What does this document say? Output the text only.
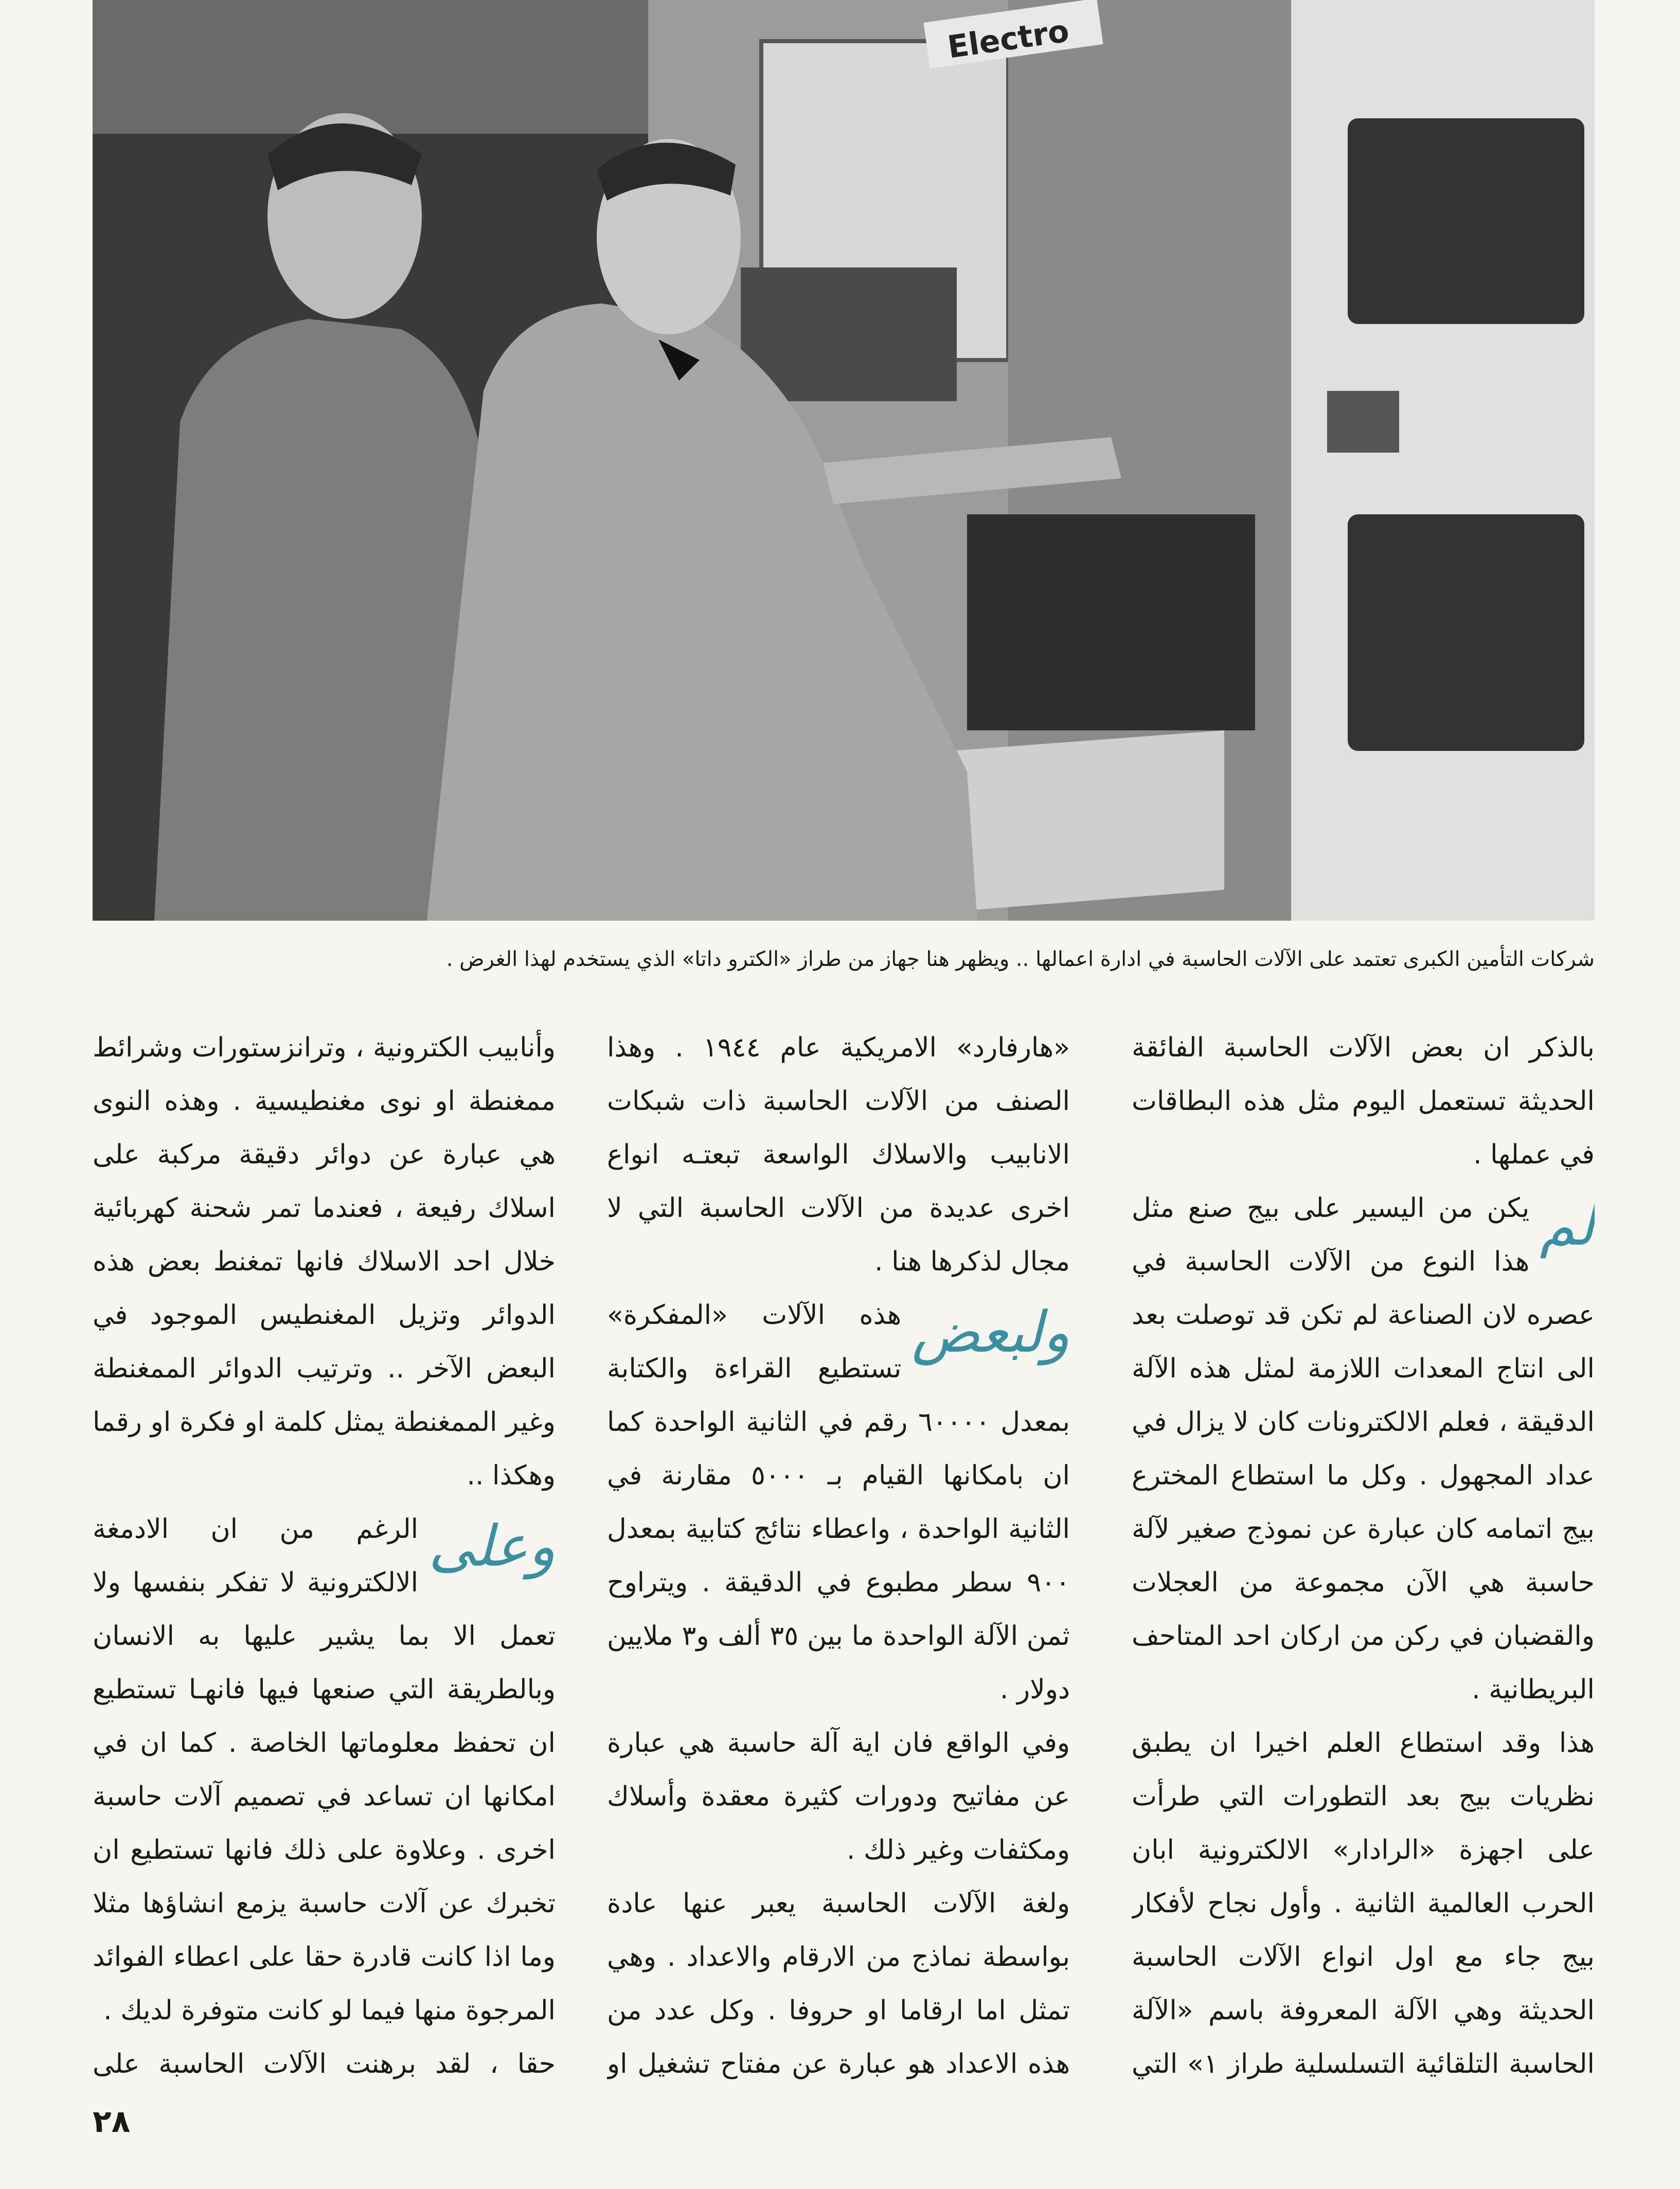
Electro
شركات التأمين الكبرى تعتمد على الآلات الحاسبة في ادارة اعمالها .. ويظهر هنا جهاز من طراز «الكترو داتا» الذي يستخدم لهذا الغرض .

بالذكر ان بعض الآلات الحاسبة الفائقة الحديثة تستعمل اليوم مثل هذه البطاقات في عملها .

لم
يكن من اليسير على بيج صنع مثل هذا النوع من الآلات الحاسبة في عصره لان الصناعة لم تكن قد توصلت بعد الى انتاج المعدات اللازمة لمثل هذه الآلة الدقيقة ، فعلم الالكترونات كان لا يزال في عداد المجهول . وكل ما استطاع المخترع بيج اتمامه كان عبارة عن نموذج صغير لآلة حاسبة هي الآن مجموعة من العجلات والقضبان في ركن من اركان احد المتاحف البريطانية .

هذا وقد استطاع العلم اخيرا ان يطبق نظريات بيج بعد التطورات التي طرأت على اجهزة «الرادار» الالكترونية ابان الحرب العالمية الثانية . وأول نجاح لأفكار بيج جاء مع اول انواع الآلات الحاسبة الحديثة وهي الآلة المعروفة باسم «الآلة الحاسبة التلقائية التسلسلية طراز ١» التي

«هارفارد» الامريكية عام ١٩٤٤ . وهذا الصنف من الآلات الحاسبة ذات شبكات الانابيب والاسلاك الواسعة تبعتـه انواع اخرى عديدة من الآلات الحاسبة التي لا مجال لذكرها هنا .

ولبعض
هذه الآلات «المفكرة» تستطيع القراءة والكتابة بمعدل ٦٠٠٠٠ رقم في الثانية الواحدة كما ان بامكانها القيام بـ ٥٠٠٠ مقارنة في الثانية الواحدة ، واعطاء نتائج كتابية بمعدل ٩٠٠ سطر مطبوع في الدقيقة . ويتراوح ثمن الآلة الواحدة ما بين ٣٥ ألف و٣ ملايين دولار .

وفي الواقع فان اية آلة حاسبة هي عبارة عن مفاتيح ودورات كثيرة معقدة وأسلاك ومكثفات وغير ذلك .

ولغة الآلات الحاسبة يعبر عنها عادة بواسطة نماذج من الارقام والاعداد . وهي تمثل اما ارقاما او حروفا . وكل عدد من هذه الاعداد هو عبارة عن مفتاح تشغيل او

وأنابيب الكترونية ، وترانزستورات وشرائط ممغنطة او نوى مغنطيسية . وهذه النوى هي عبارة عن دوائر دقيقة مركبة على اسلاك رفيعة ، فعندما تمر شحنة كهربائية خلال احد الاسلاك فانها تمغنط بعض هذه الدوائر وتزيل المغنطيس الموجود في البعض الآخر .. وترتيب الدوائر الممغنطة وغير الممغنطة يمثل كلمة او فكرة او رقما وهكذا ..

وعلى
الرغم من ان الادمغة الالكترونية لا تفكر بنفسها ولا تعمل الا بما يشير عليها به الانسان وبالطريقة التي صنعها فيها فانهـا تستطيع ان تحفظ معلوماتها الخاصة . كما ان في امكانها ان تساعد في تصميم آلات حاسبة اخرى . وعلاوة على ذلك فانها تستطيع ان تخبرك عن آلات حاسبة يزمع انشاؤها مثلا وما اذا كانت قادرة حقا على اعطاء الفوائد المرجوة منها فيما لو كانت متوفرة لديك .

حقا ، لقد برهنت الآلات الحاسبة على

٢٨
